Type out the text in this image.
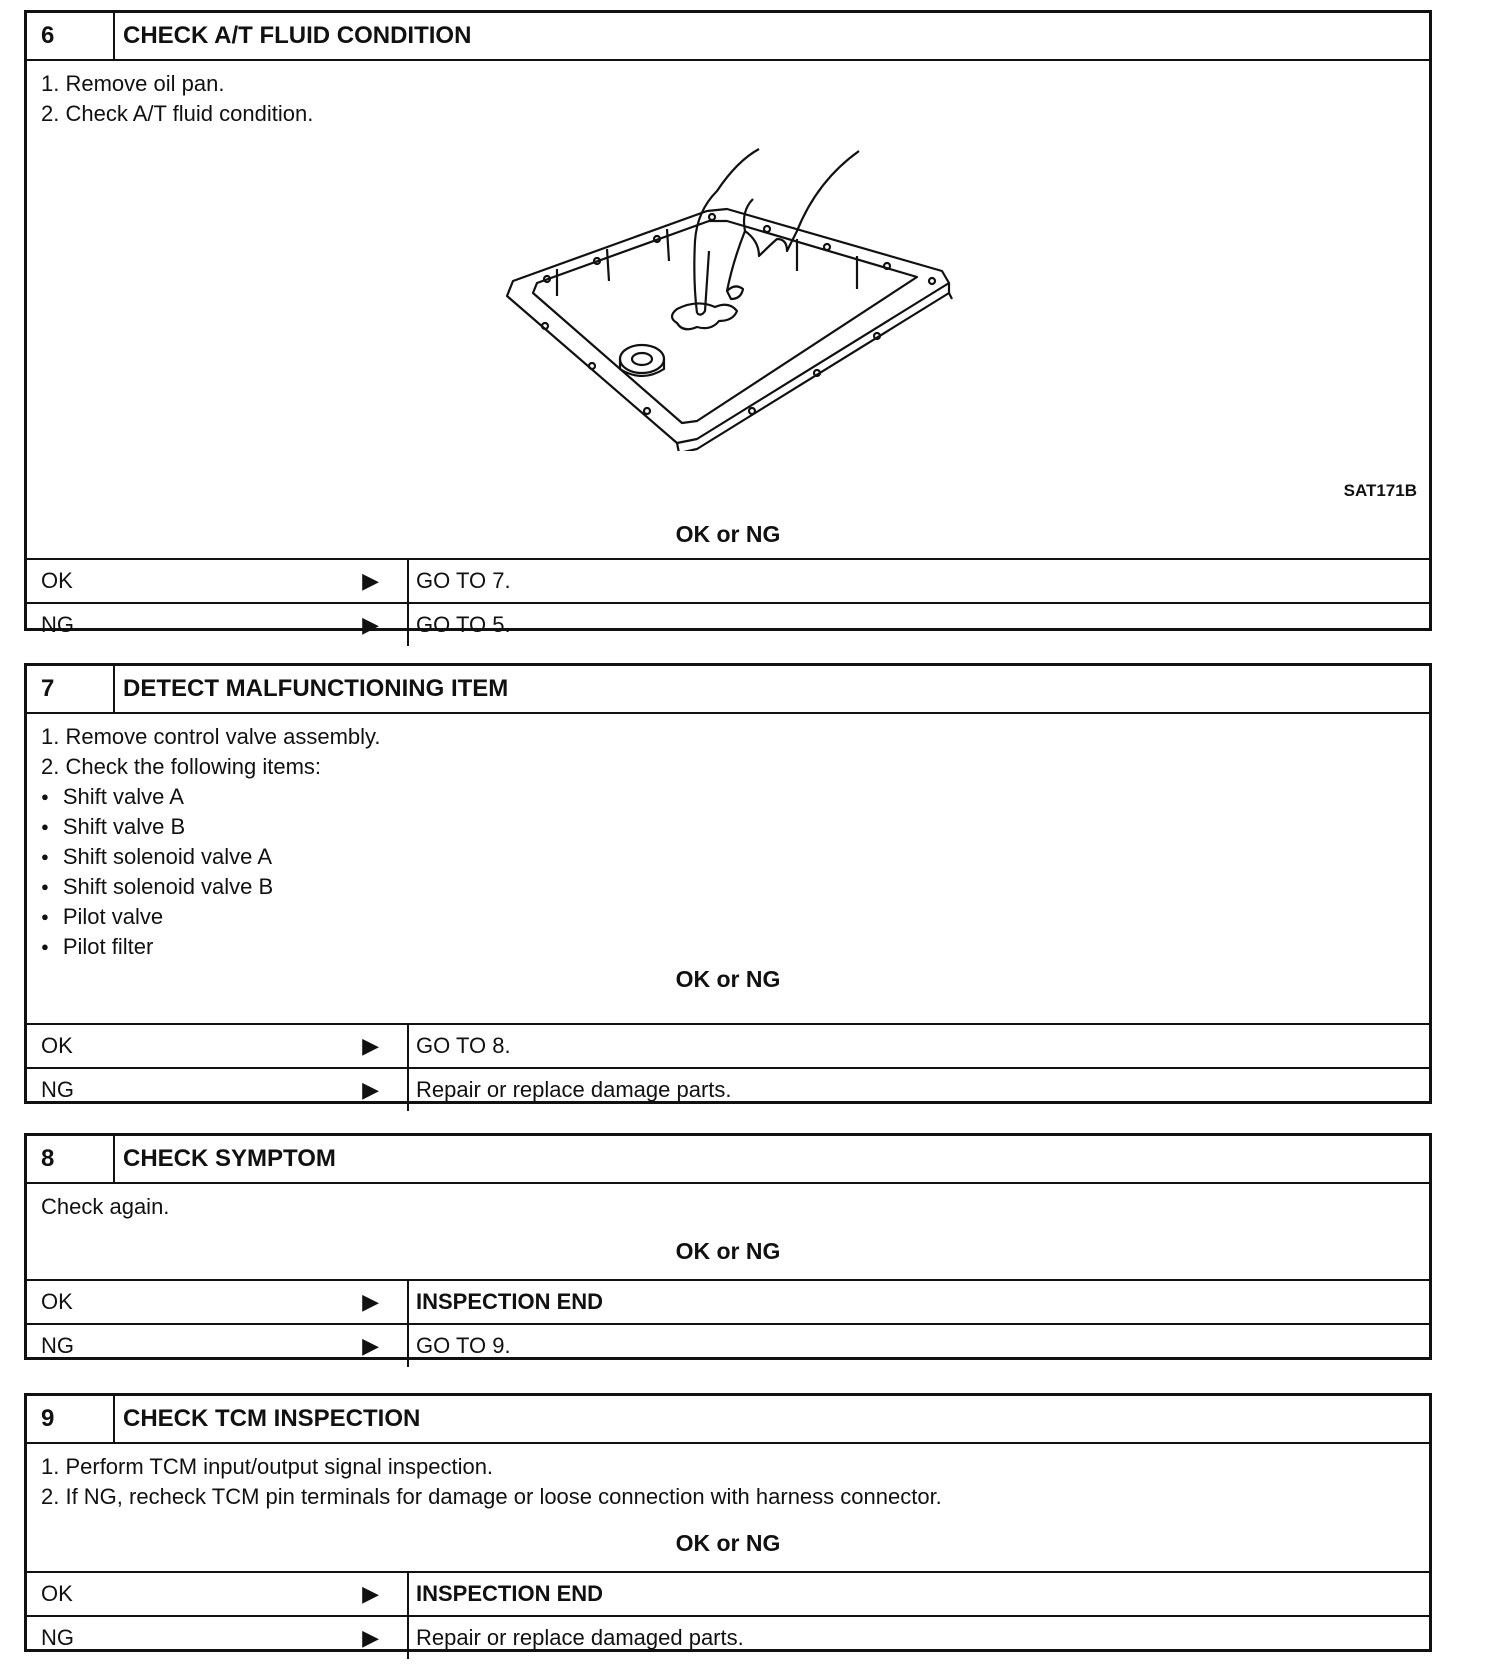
6	CHECK A/T FLUID CONDITION
1. Remove oil pan.
2. Check A/T fluid condition.
SAT171B
OK or NG
OK	▶	GO TO 7.
NG	▶	GO TO 5.
7	DETECT MALFUNCTIONING ITEM
1. Remove control valve assembly.
2. Check the following items:
● Shift valve A
● Shift valve B
● Shift solenoid valve A
● Shift solenoid valve B
● Pilot valve
● Pilot filter
OK or NG
OK	▶	GO TO 8.
NG	▶	Repair or replace damage parts.
8	CHECK SYMPTOM
Check again.
OK or NG
OK	▶	INSPECTION END
NG	▶	GO TO 9.
9	CHECK TCM INSPECTION
1. Perform TCM input/output signal inspection.
2. If NG, recheck TCM pin terminals for damage or loose connection with harness connector.
OK or NG
OK	▶	INSPECTION END
NG	▶	Repair or replace damaged parts.
